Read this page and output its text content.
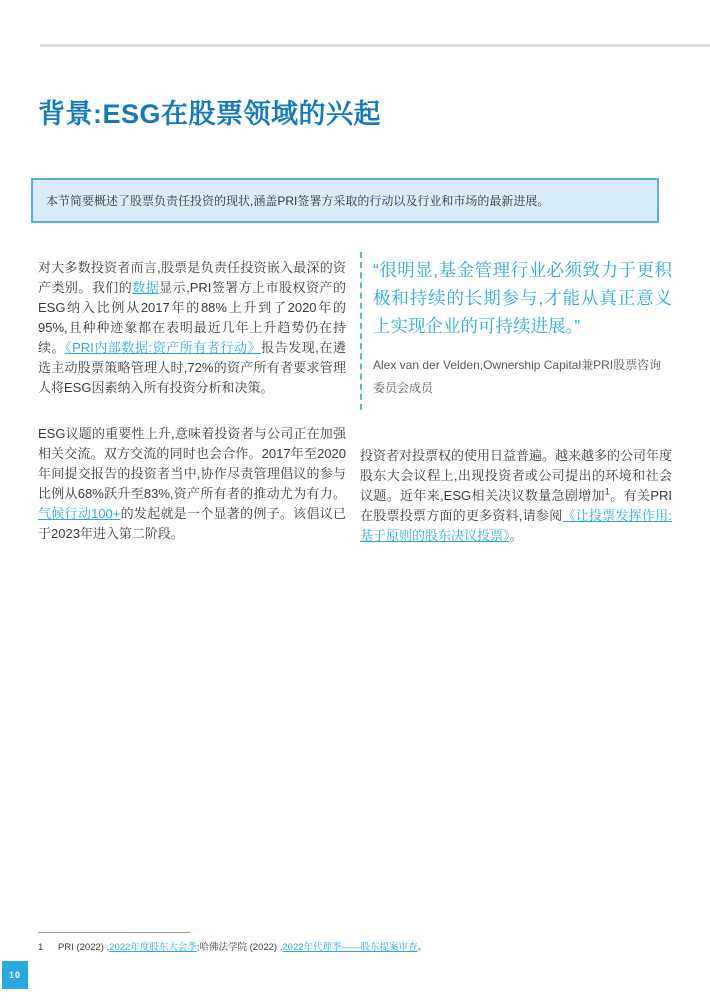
背景:ESG在股票领域的兴起
本节简要概述了股票负责任投资的现状,涵盖PRI签署方采取的行动以及行业和市场的最新进展。

对大多数投资者而言,股票是负责任投资嵌入最深的资产类别。我们的数据显示,PRI签署方上市股权资产的ESG纳入比例从2017年的88%上升到了2020年的95%,且种种迹象都在表明最近几年上升趋势仍在持续。《PRI内部数据:资产所有者行动》报告发现,在遴选主动股票策略管理人时,72%的资产所有者要求管理人将ESG因素纳入所有投资分析和决策。

ESG议题的重要性上升,意味着投资者与公司正在加强相关交流。双方交流的同时也会合作。2017年至2020年间提交报告的投资者当中,协作尽责管理倡议的参与比例从68%跃升至83%,资产所有者的推动尤为有力。气候行动100+的发起就是一个显著的例子。该倡议已于2023年进入第二阶段。

“很明显,基金管理行业必须致力于更积极和持续的长期参与,才能从真正意义上实现企业的可持续进展。”

Alex van der Velden,Ownership Capital兼PRI股票咨询委员会成员

投资者对投票权的使用日益普遍。越来越多的公司年度股东大会议程上,出现投资者或公司提出的环境和社会议题。近年来,ESG相关决议数量急剧增加$^1$。有关PRI在股票投票方面的更多资料,请参阅《让投票发挥作用:基于原则的股东决议投票》。

1 PRI (2022) ,2022年度股东大会季;哈佛法学院 (2022) ,2022年代理季——股东提案审查。
10
